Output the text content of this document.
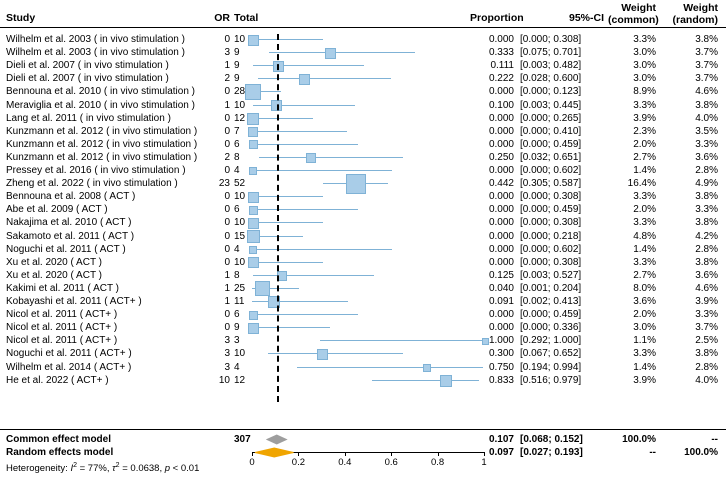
Study	OR Total	Proportion	95%-CI
Weight
(common)
Weight
(random)
Wilhelm et al. 2003 ( in vivo stimulation )	0 10	0.000 [0.000; 0.308]	3.3%	3.8%
Wilhelm et al. 2003 ( in vivo stimulation )	3 9	0.333 [0.075; 0.701]	3.0%	3.7%
Dieli et al. 2007 ( in vivo stimulation )	1 9	0.111 [0.003; 0.482]	3.0%	3.7%
Dieli et al. 2007 ( in vivo stimulation )	2 9	0.222 [0.028; 0.600]	3.0%	3.7%
Bennouna et al. 2010 ( in vivo stimulation )	0 28	0.000 [0.000; 0.123]	8.9%	4.6%
Meraviglia et al. 2010 ( in vivo stimulation )	1 10	0.100 [0.003; 0.445]	3.3%	3.8%
Lang et al. 2011 ( in vivo stimulation )	0 12	0.000 [0.000; 0.265]	3.9%	4.0%
Kunzmann et al. 2012 ( in vivo stimulation )	0 7	0.000 [0.000; 0.410]	2.3%	3.5%
Kunzmann et al. 2012 ( in vivo stimulation )	0 6	0.000 [0.000; 0.459]	2.0%	3.3%
Kunzmann et al. 2012 ( in vivo stimulation )	2 8	0.250 [0.032; 0.651]	2.7%	3.6%
Pressey et al. 2016 ( in vivo stimulation )	0 4	0.000 [0.000; 0.602]	1.4%	2.8%
Zheng et al. 2022 ( in vivo stimulation )	23 52	0.442 [0.305; 0.587]	16.4%	4.9%
Bennouna et al. 2008 ( ACT )	0 10	0.000 [0.000; 0.308]	3.3%	3.8%
Abe et al. 2009 ( ACT )	0 6	0.000 [0.000; 0.459]	2.0%	3.3%
Nakajima et al. 2010 ( ACT )	0 10	0.000 [0.000; 0.308]	3.3%	3.8%
Sakamoto et al. 2011 ( ACT )	0 15	0.000 [0.000; 0.218]	4.8%	4.2%
Noguchi et al. 2011 ( ACT )	0 4	0.000 [0.000; 0.602]	1.4%	2.8%
Xu et al. 2020 ( ACT )	0 10	0.000 [0.000; 0.308]	3.3%	3.8%
Xu et al. 2020 ( ACT )	1 8	0.125 [0.003; 0.527]	2.7%	3.6%
Kakimi et al. 2011 ( ACT )	1 25	0.040 [0.001; 0.204]	8.0%	4.6%
Kobayashi et al. 2011 ( ACT+ )	1 11	0.091 [0.002; 0.413]	3.6%	3.9%
Nicol et al. 2011 ( ACT+ )	0 6	0.000 [0.000; 0.459]	2.0%	3.3%
Nicol et al. 2011 ( ACT+ )	0 9	0.000 [0.000; 0.336]	3.0%	3.7%
Nicol et al. 2011 ( ACT+ )	3 3	1.000 [0.292; 1.000]	1.1%	2.5%
Noguchi et al. 2011 ( ACT+ )	3 10	0.300 [0.067; 0.652]	3.3%	3.8%
Wilhelm et al. 2014 ( ACT+ )	3 4	0.750 [0.194; 0.994]	1.4%	2.8%
He et al. 2022 ( ACT+ )	10 12	0.833 [0.516; 0.979]	3.9%	4.0%
Common effect model	307	0.107 [0.068; 0.152]	100.0%	--
Random effects model	0.097 [0.027; 0.193]	--	100.0%
Heterogeneity: $I^2 = 77\%$, $\tau^2 = 0.0638$, p < 0.01
0	0.2	0.4	0.6	0.8	1
